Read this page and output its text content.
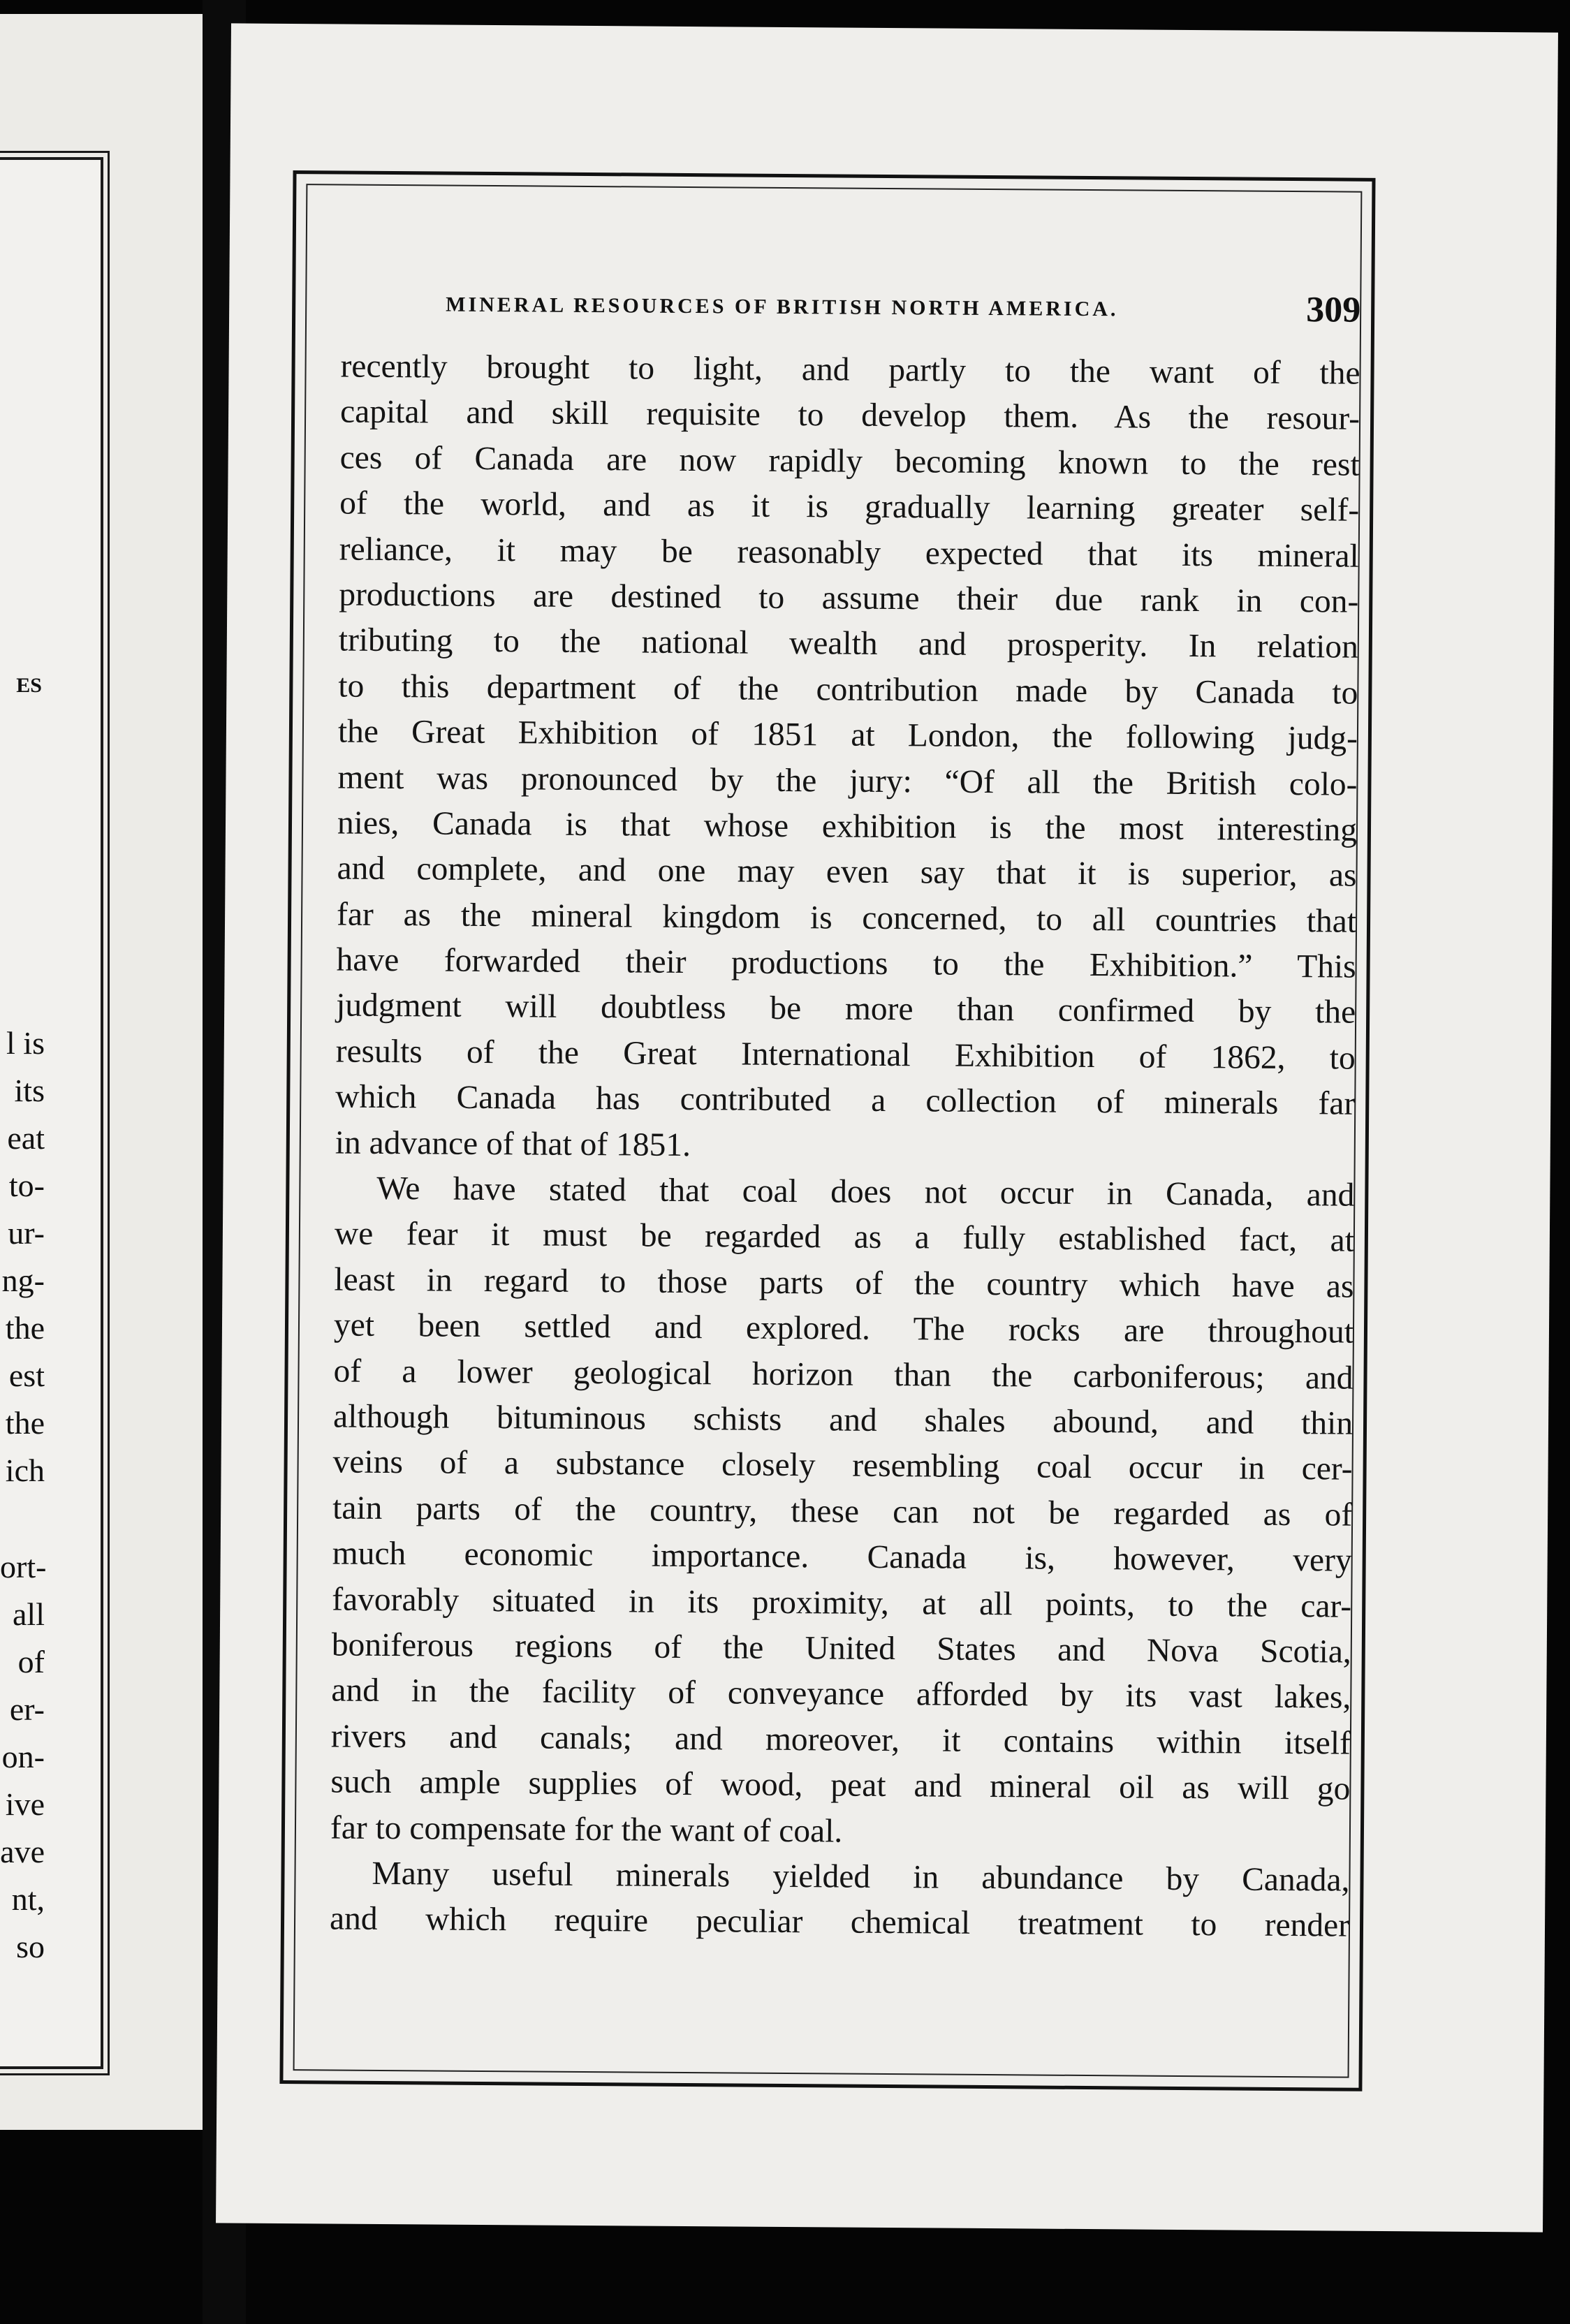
ES
l is
its
eat
to-
ur-
ng-
the
est
the
ich
ort-
all
of
er-
on-
ive
ave
nt,
so
MINERAL RESOURCES OF BRITISH NORTH AMERICA.	309
recently brought to light, and partly to the want of the
capital and skill requisite to develop them. As the resour-
ces of Canada are now rapidly becoming known to the rest
of the world, and as it is gradually learning greater self-
reliance, it may be reasonably expected that its mineral
productions are destined to assume their due rank in con-
tributing to the national wealth and prosperity. In relation
to this department of the contribution made by Canada to
the Great Exhibition of 1851 at London, the following judg-
ment was pronounced by the jury: “Of all the British colo-
nies, Canada is that whose exhibition is the most interesting
and complete, and one may even say that it is superior, as
far as the mineral kingdom is concerned, to all countries that
have forwarded their productions to the Exhibition.” This
judgment will doubtless be more than confirmed by the
results of the Great International Exhibition of 1862, to
which Canada has contributed a collection of minerals far
in advance of that of 1851.
We have stated that coal does not occur in Canada, and
we fear it must be regarded as a fully established fact, at
least in regard to those parts of the country which have as
yet been settled and explored. The rocks are throughout
of a lower geological horizon than the carboniferous; and
although bituminous schists and shales abound, and thin
veins of a substance closely resembling coal occur in cer-
tain parts of the country, these can not be regarded as of
much economic importance. Canada is, however, very
favorably situated in its proximity, at all points, to the car-
boniferous regions of the United States and Nova Scotia,
and in the facility of conveyance afforded by its vast lakes,
rivers and canals; and moreover, it contains within itself
such ample supplies of wood, peat and mineral oil as will go
far to compensate for the want of coal.
Many useful minerals yielded in abundance by Canada,
and which require peculiar chemical treatment to render
